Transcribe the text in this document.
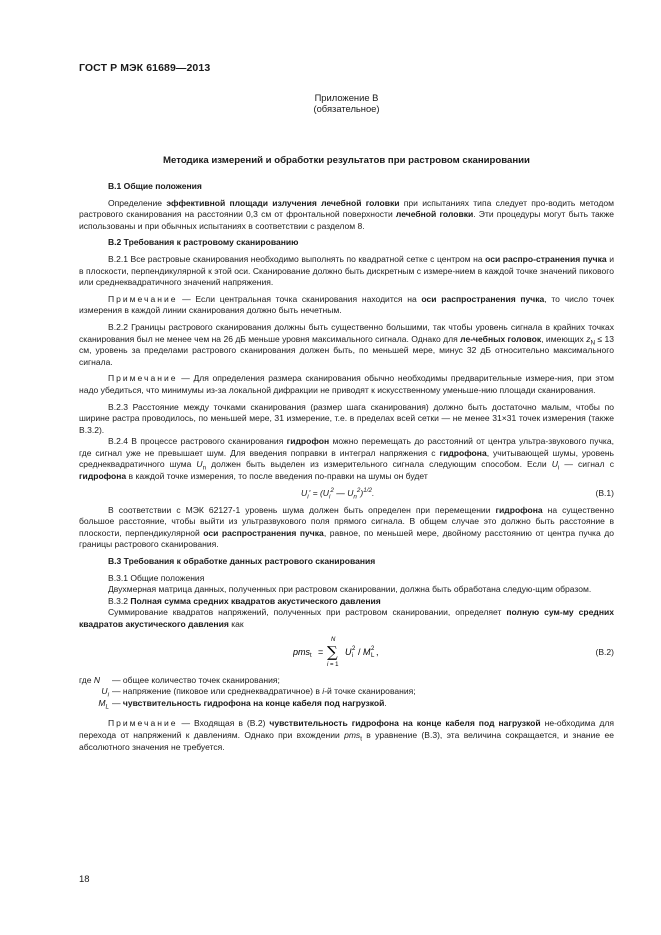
ГОСТ Р МЭК 61689—2013
Приложение В
(обязательное)
Методика измерений и обработки результатов при растровом сканировании

В.1 Общие положения

Определение эффективной площади излучения лечебной головки при испытаниях типа следует про-водить методом растрового сканирования на расстоянии 0,3 см от фронтальной поверхности лечебной головки. Эти процедуры могут быть также использованы и при обычных испытаниях в соответствии с разделом 8.

В.2 Требования к растровому сканированию

В.2.1 Все растровые сканирования необходимо выполнять по квадратной сетке с центром на оси распро-странения пучка и в плоскости, перпендикулярной к этой оси. Сканирование должно быть дискретным с измере-нием в каждой точке значений пикового или среднеквадратичного значений напряжения.

Примечание — Если центральная точка сканирования находится на оси распространения пучка, то число точек измерения в каждой линии сканирования должно быть нечетным.

В.2.2 Границы растрового сканирования должны быть существенно большими, так чтобы уровень сигнала в крайних точках сканирования был не менее чем на 26 дБ меньше уровня максимального сигнала. Однако для ле-чебных головок, имеющих $z_N \le 13$ см, уровень за пределами растрового сканирования должен быть, по меньшей мере, минус 32 дБ относительно максимального сигнала.

Примечание — Для определения размера сканирования обычно необходимы предварительные измере-ния, при этом надо убедиться, что минимумы из-за локальной дифракции не приводят к искусственному уменьше-нию площади сканирования.

В.2.3 Расстояние между точками сканирования (размер шага сканирования) должно быть достаточно малым, чтобы по ширине растра проводилось, по меньшей мере, 31 измерение, т.е. в пределах всей сетки — не менее 31×31 точек измерения (также В.3.2).

В.2.4 В процессе растрового сканирования гидрофон можно перемещать до расстояний от центра ультра-звукового пучка, где сигнал уже не превышает шум. Для введения поправки в интеграл напряжения с гидрофона, учитывающей шумы, уровень среднеквадратичного шума $U_n$ должен быть выделен из измерительного сигнала следующим способом. Если $U_i$ — сигнал с гидрофона в каждой точке измерения, то после введения по-правки на шумы он будет

$U_i' = (U_i^2$ — $U_n^2)^{1/2}$.	(В.1)

В соответствии с МЭК 62127-1 уровень шума должен быть определен при перемещении гидрофона на существенно большое расстояние, чтобы выйти из ультразвукового поля прямого сигнала. В общем случае это должно быть расстояние в плоскости, перпендикулярной оси распространения пучка, равное, по меньшей мере, двойному расстоянию от центра пучка до границы растрового сканирования.

В.3 Требования к обработке данных растрового сканирования

В.3.1 Общие положения

Двухмерная матрица данных, полученных при растровом сканировании, должна быть обработана следую-щим образом.

В.3.2 Полная сумма средних квадратов акустического давления

Суммирование квадратов напряжений, полученных при растровом сканировании, определяет полную сум-му средних квадратов акустического давления как

pms t =
N
∑
i = 1
U i
2 / M L
2 ,	(В.2)
где N	— общее количество точек сканирования;
$U_i$ — напряжение (пиковое или среднеквадратичное) в i-й точке сканирования;
$M_L$ — чувствительность гидрофона на конце кабеля под нагрузкой.

Примечание — Входящая в (В.2) чувствительность гидрофона на конце кабеля под нагрузкой не-обходима для перехода от напряжений к давлениям. Однако при вхождении pms$_t$ в уравнение (В.3), эта величина сокращается, и знание ее абсолютного значения не требуется.

18
